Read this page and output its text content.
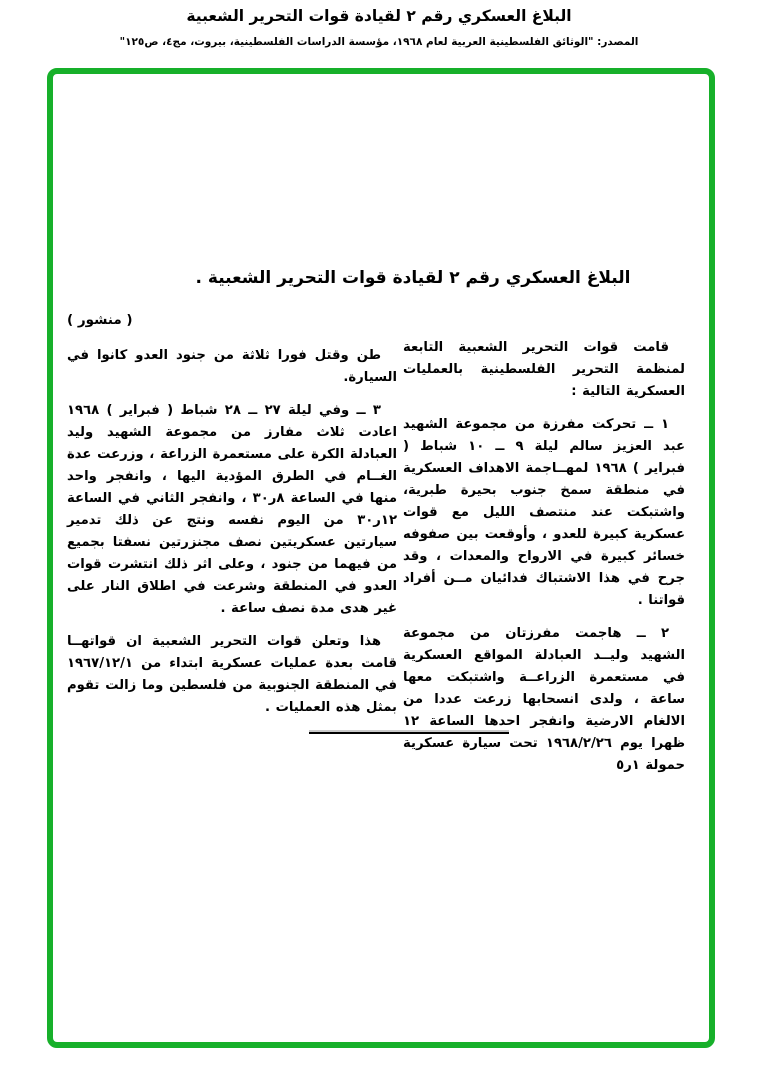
البلاغ العسكري رقم ٢ لقيادة قوات التحرير الشعبية
المصدر: "الوثائق الفلسطينية العربية لعام ١٩٦٨، مؤسسة الدراسات الفلسطينية، بيروت، مج٤، ص١٢٥"
البلاغ العسكري رقم ٢ لقيادة قوات التحرير الشعبية .
( منشور )

قامت قوات التحرير الشعبية التابعة لمنظمة التحرير الفلسطينية بالعمليات العسكرية التالية :

١ ــ تحركت مفرزة من مجموعة الشهيد عبد العزيز سالم ليلة ٩ ــ ١٠ شباط ( فبراير ) ١٩٦٨ لمهــاجمة الاهداف العسكرية في منطقة سمخ جنوب بحيرة طبرية، واشتبكت عند منتصف الليل مع قوات عسكرية كبيرة للعدو ، وأوقعت بين صفوفه خسائر كبيرة في الارواح والمعدات ، وقد جرح في هذا الاشتباك فدائيان مــن أفراد قواتنا .

٢ ــ هاجمت مفرزتان من مجموعة الشهيد وليــد العبادلة المواقع العسكرية في مستعمرة الزراعــة واشتبكت معها ساعة ، ولدى انسحابها زرعت عددا من الالغام الارضية وانفجر احدها الساعة ١٢ ظهرا يوم ١٩٦٨/٢/٢٦ تحت سيارة عسكرية حمولة ١ر٥

طن وقتل فورا ثلاثة من جنود العدو كانوا في السيارة.

٣ ــ وفي ليلة ٢٧ ــ ٢٨ شباط ( فبراير ) ١٩٦٨ اعادت ثلاث مفارز من مجموعة الشهيد وليد العبادلة الكرة على مستعمرة الزراعة ، وزرعت عدة الغــام في الطرق المؤدية اليها ، وانفجر واحد منها في الساعة ٨ر٣٠ ، وانفجر الثاني في الساعة ١٢ر٣٠ من اليوم نفسه ونتج عن ذلك تدمير سيارتين عسكريتين نصف مجنزرتين نسفتا بجميع من فيهما من جنود ، وعلى اثر ذلك انتشرت قوات العدو في المنطقة وشرعت في اطلاق النار على غير هدى مدة نصف ساعة .

هذا وتعلن قوات التحرير الشعبية ان قواتهــا قامت بعدة عمليات عسكرية ابتداء من ١٩٦٧/١٢/١ في المنطقة الجنوبية من فلسطين وما زالت تقوم بمثل هذه العمليات .
